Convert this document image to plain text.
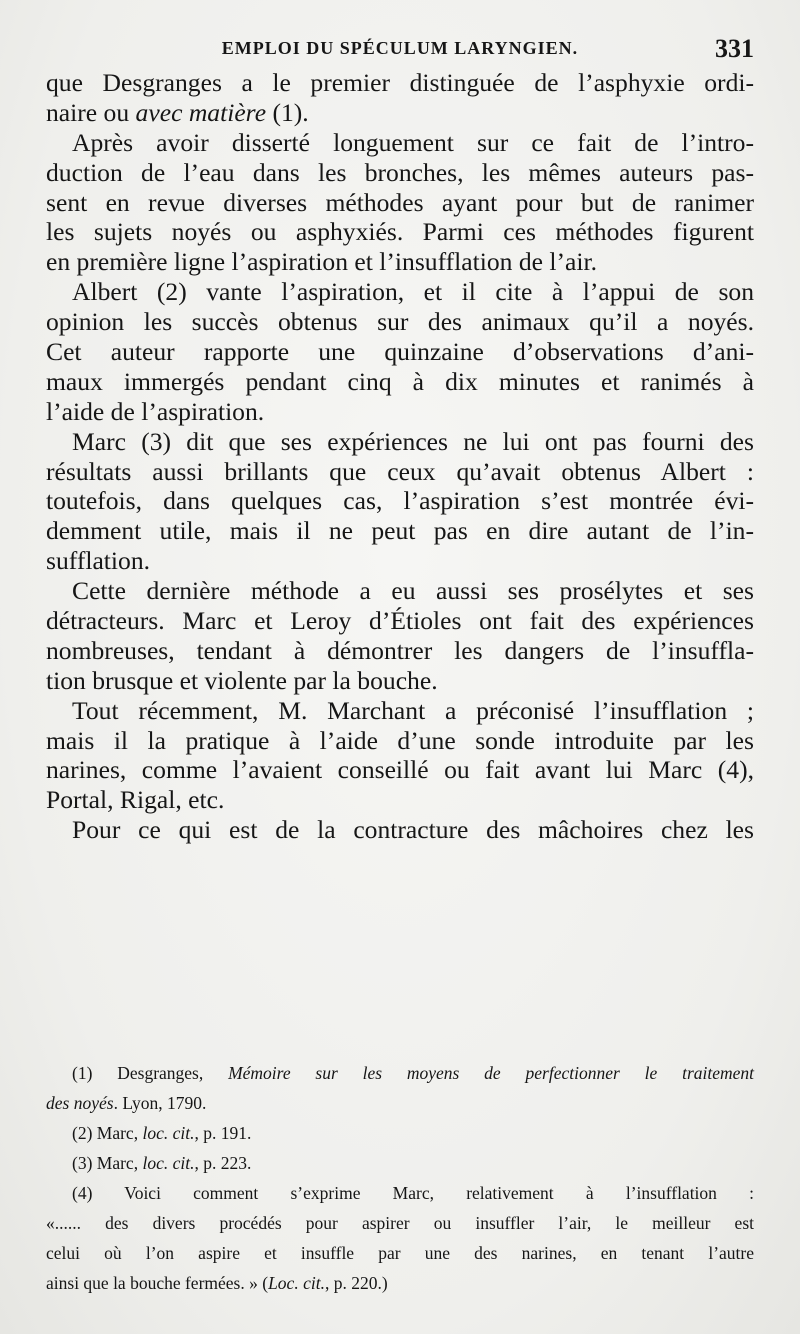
EMPLOI DU SPÉCULUM LARYNGIEN.	331
que Desgranges a le premier distinguée de l’asphyxie ordi-
naire ou avec matière (1).
Après avoir disserté longuement sur ce fait de l’intro-
duction de l’eau dans les bronches, les mêmes auteurs pas-
sent en revue diverses méthodes ayant pour but de ranimer
les sujets noyés ou asphyxiés. Parmi ces méthodes figurent
en première ligne l’aspiration et l’insufflation de l’air.
Albert (2) vante l’aspiration, et il cite à l’appui de son
opinion les succès obtenus sur des animaux qu’il a noyés.
Cet auteur rapporte une quinzaine d’observations d’ani-
maux immergés pendant cinq à dix minutes et ranimés à
l’aide de l’aspiration.
Marc (3) dit que ses expériences ne lui ont pas fourni des
résultats aussi brillants que ceux qu’avait obtenus Albert :
toutefois, dans quelques cas, l’aspiration s’est montrée évi-
demment utile, mais il ne peut pas en dire autant de l’in-
sufflation.
Cette dernière méthode a eu aussi ses prosélytes et ses
détracteurs. Marc et Leroy d’Étioles ont fait des expériences
nombreuses, tendant à démontrer les dangers de l’insuffla-
tion brusque et violente par la bouche.
Tout récemment, M. Marchant a préconisé l’insufflation ;
mais il la pratique à l’aide d’une sonde introduite par les
narines, comme l’avaient conseillé ou fait avant lui Marc (4),
Portal, Rigal, etc.
Pour ce qui est de la contracture des mâchoires chez les
(1) Desgranges, Mémoire sur les moyens de perfectionner le traitement
des noyés. Lyon, 1790.
(2) Marc, loc. cit., p. 191.
(3) Marc, loc. cit., p. 223.
(4) Voici comment s’exprime Marc, relativement à l’insufflation :
«...... des divers procédés pour aspirer ou insuffler l’air, le meilleur est
celui où l’on aspire et insuffle par une des narines, en tenant l’autre
ainsi que la bouche fermées. » (Loc. cit., p. 220.)
